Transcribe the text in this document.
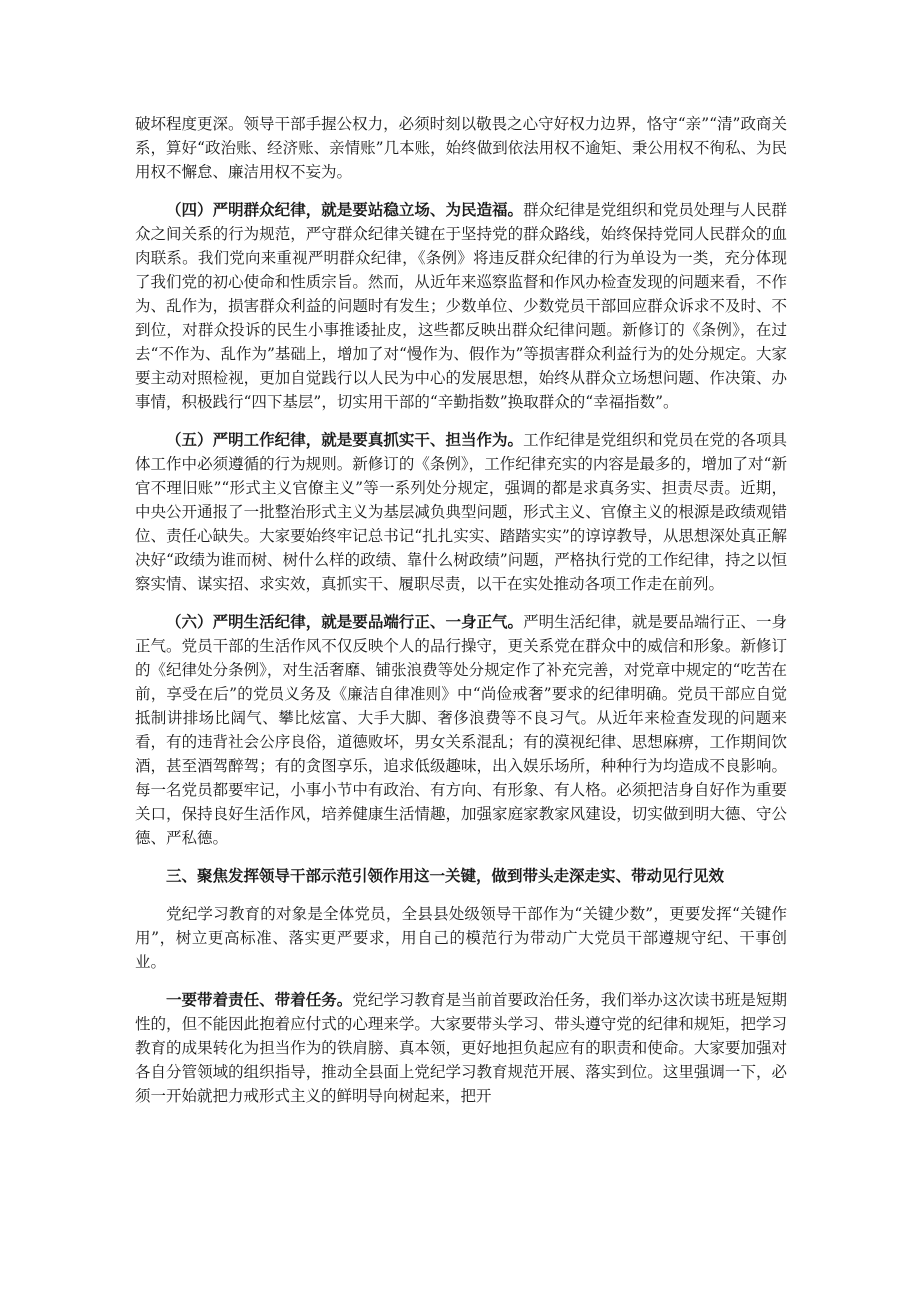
破坏程度更深。领导干部手握公权力，必须时刻以敬畏之心守好权力边界，恪守“亲”“清”政商关系，算好“政治账、经济账、亲情账”几本账，始终做到依法用权不逾矩、秉公用权不徇私、为民用权不懈怠、廉洁用权不妄为。

（四）严明群众纪律，就是要站稳立场、为民造福。群众纪律是党组织和党员处理与人民群众之间关系的行为规范，严守群众纪律关键在于坚持党的群众路线，始终保持党同人民群众的血肉联系。我们党向来重视严明群众纪律，《条例》将违反群众纪律的行为单设为一类，充分体现了我们党的初心使命和性质宗旨。然而，从近年来巡察监督和作风办检查发现的问题来看，不作为、乱作为，损害群众利益的问题时有发生；少数单位、少数党员干部回应群众诉求不及时、不到位，对群众投诉的民生小事推诿扯皮，这些都反映出群众纪律问题。新修订的《条例》，在过去“不作为、乱作为”基础上，增加了对“慢作为、假作为”等损害群众利益行为的处分规定。大家要主动对照检视，更加自觉践行以人民为中心的发展思想，始终从群众立场想问题、作决策、办事情，积极践行“四下基层”，切实用干部的“辛勤指数”换取群众的“幸福指数”。

（五）严明工作纪律，就是要真抓实干、担当作为。工作纪律是党组织和党员在党的各项具体工作中必须遵循的行为规则。新修订的《条例》，工作纪律充实的内容是最多的，增加了对“新官不理旧账”“形式主义官僚主义”等一系列处分规定，强调的都是求真务实、担责尽责。近期，中央公开通报了一批整治形式主义为基层减负典型问题，形式主义、官僚主义的根源是政绩观错位、责任心缺失。大家要始终牢记总书记“扎扎实实、踏踏实实”的谆谆教导，从思想深处真正解决好“政绩为谁而树、树什么样的政绩、靠什么树政绩”问题，严格执行党的工作纪律，持之以恒察实情、谋实招、求实效，真抓实干、履职尽责，以干在实处推动各项工作走在前列。

（六）严明生活纪律，就是要品端行正、一身正气。严明生活纪律，就是要品端行正、一身正气。党员干部的生活作风不仅反映个人的品行操守，更关系党在群众中的威信和形象。新修订的《纪律处分条例》，对生活奢靡、铺张浪费等处分规定作了补充完善，对党章中规定的“吃苦在前，享受在后”的党员义务及《廉洁自律准则》中“尚俭戒奢”要求的纪律明确。党员干部应自觉抵制讲排场比阔气、攀比炫富、大手大脚、奢侈浪费等不良习气。从近年来检查发现的问题来看，有的违背社会公序良俗，道德败坏，男女关系混乱；有的漠视纪律、思想麻痹，工作期间饮酒，甚至酒驾醉驾；有的贪图享乐，追求低级趣味，出入娱乐场所，种种行为均造成不良影响。每一名党员都要牢记，小事小节中有政治、有方向、有形象、有人格。必须把洁身自好作为重要关口，保持良好生活作风，培养健康生活情趣，加强家庭家教家风建设，切实做到明大德、守公德、严私德。

三、聚焦发挥领导干部示范引领作用这一关键，做到带头走深走实、带动见行见效

党纪学习教育的对象是全体党员，全县县处级领导干部作为“关键少数”，更要发挥“关键作用”，树立更高标准、落实更严要求，用自己的模范行为带动广大党员干部遵规守纪、干事创业。

一要带着责任、带着任务。党纪学习教育是当前首要政治任务，我们举办这次读书班是短期性的，但不能因此抱着应付式的心理来学。大家要带头学习、带头遵守党的纪律和规矩，把学习教育的成果转化为担当作为的铁肩膀、真本领，更好地担负起应有的职责和使命。大家要加强对各自分管领域的组织指导，推动全县面上党纪学习教育规范开展、落实到位。这里强调一下，必须一开始就把力戒形式主义的鲜明导向树起来，把开
